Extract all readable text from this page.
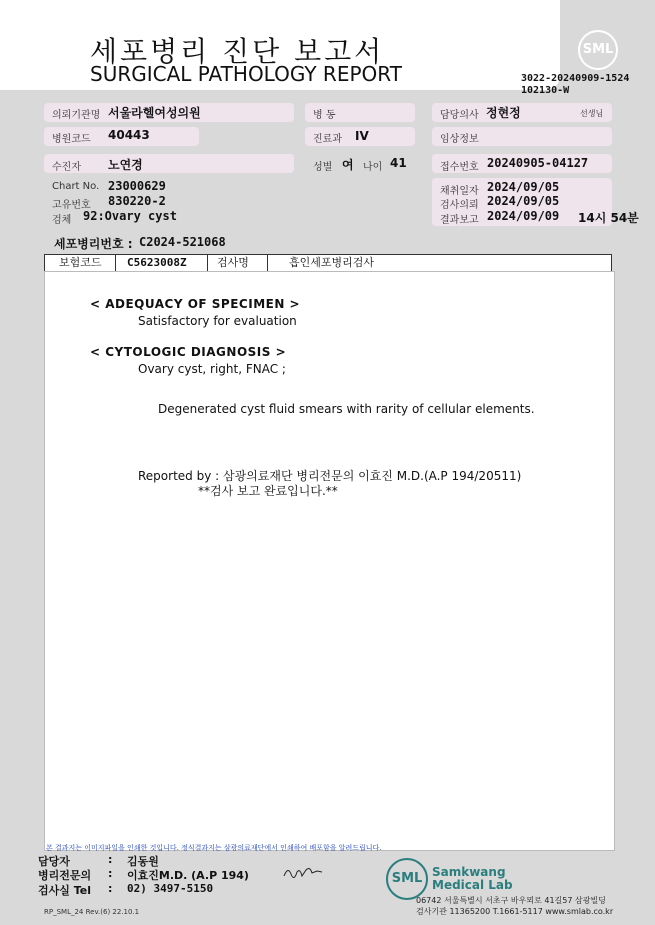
세포병리 진단 보고서
SURGICAL PATHOLOGY REPORT
SML
3022-20240909-1524
102130-W
의뢰기관명 서울라헬여성의원	병 동	담당의사 정현정	선생님
병원코드 40443	진료과 IV	임상정보
수진자 노연경	성별 여 나이 41	접수번호 20240905-04127
Chart No. 23000629
고유번호 830220-2
검체 92:Ovary cyst
채취일자 2024/09/05
검사의뢰 2024/09/05
결과보고 2024/09/09 14시 54분
세포병리번호 : C2024-521068
보험코드 C5623008Z	검사명	흡인세포병리검사
< ADEQUACY OF SPECIMEN >
Satisfactory for evaluation
< CYTOLOGIC DIAGNOSIS >
Ovary cyst, right, FNAC ;
Degenerated cyst fluid smears with rarity of cellular elements.
Reported by : 삼광의료재단 병리전문의 이효진 M.D.(A.P 194/20511)
**검사 보고 완료입니다.**
본 결과지는 이미지파일을 인쇄한 것입니다. 정식결과지는 삼광의료재단에서 인쇄하여 배포함을 알려드립니다.
담당자	: 김동원
병리전문의 : 이효진M.D. (A.P 194)
검사실 Tel : 02) 3497-5150
RP_SML_24 Rev.(6) 22.10.1
SML Samkwang
Medical Lab
06742 서울특별시 서초구 바우뫼로 41길57 삼광빌딩
검사기관 11365200 T.1661-5117 www.smlab.co.kr
